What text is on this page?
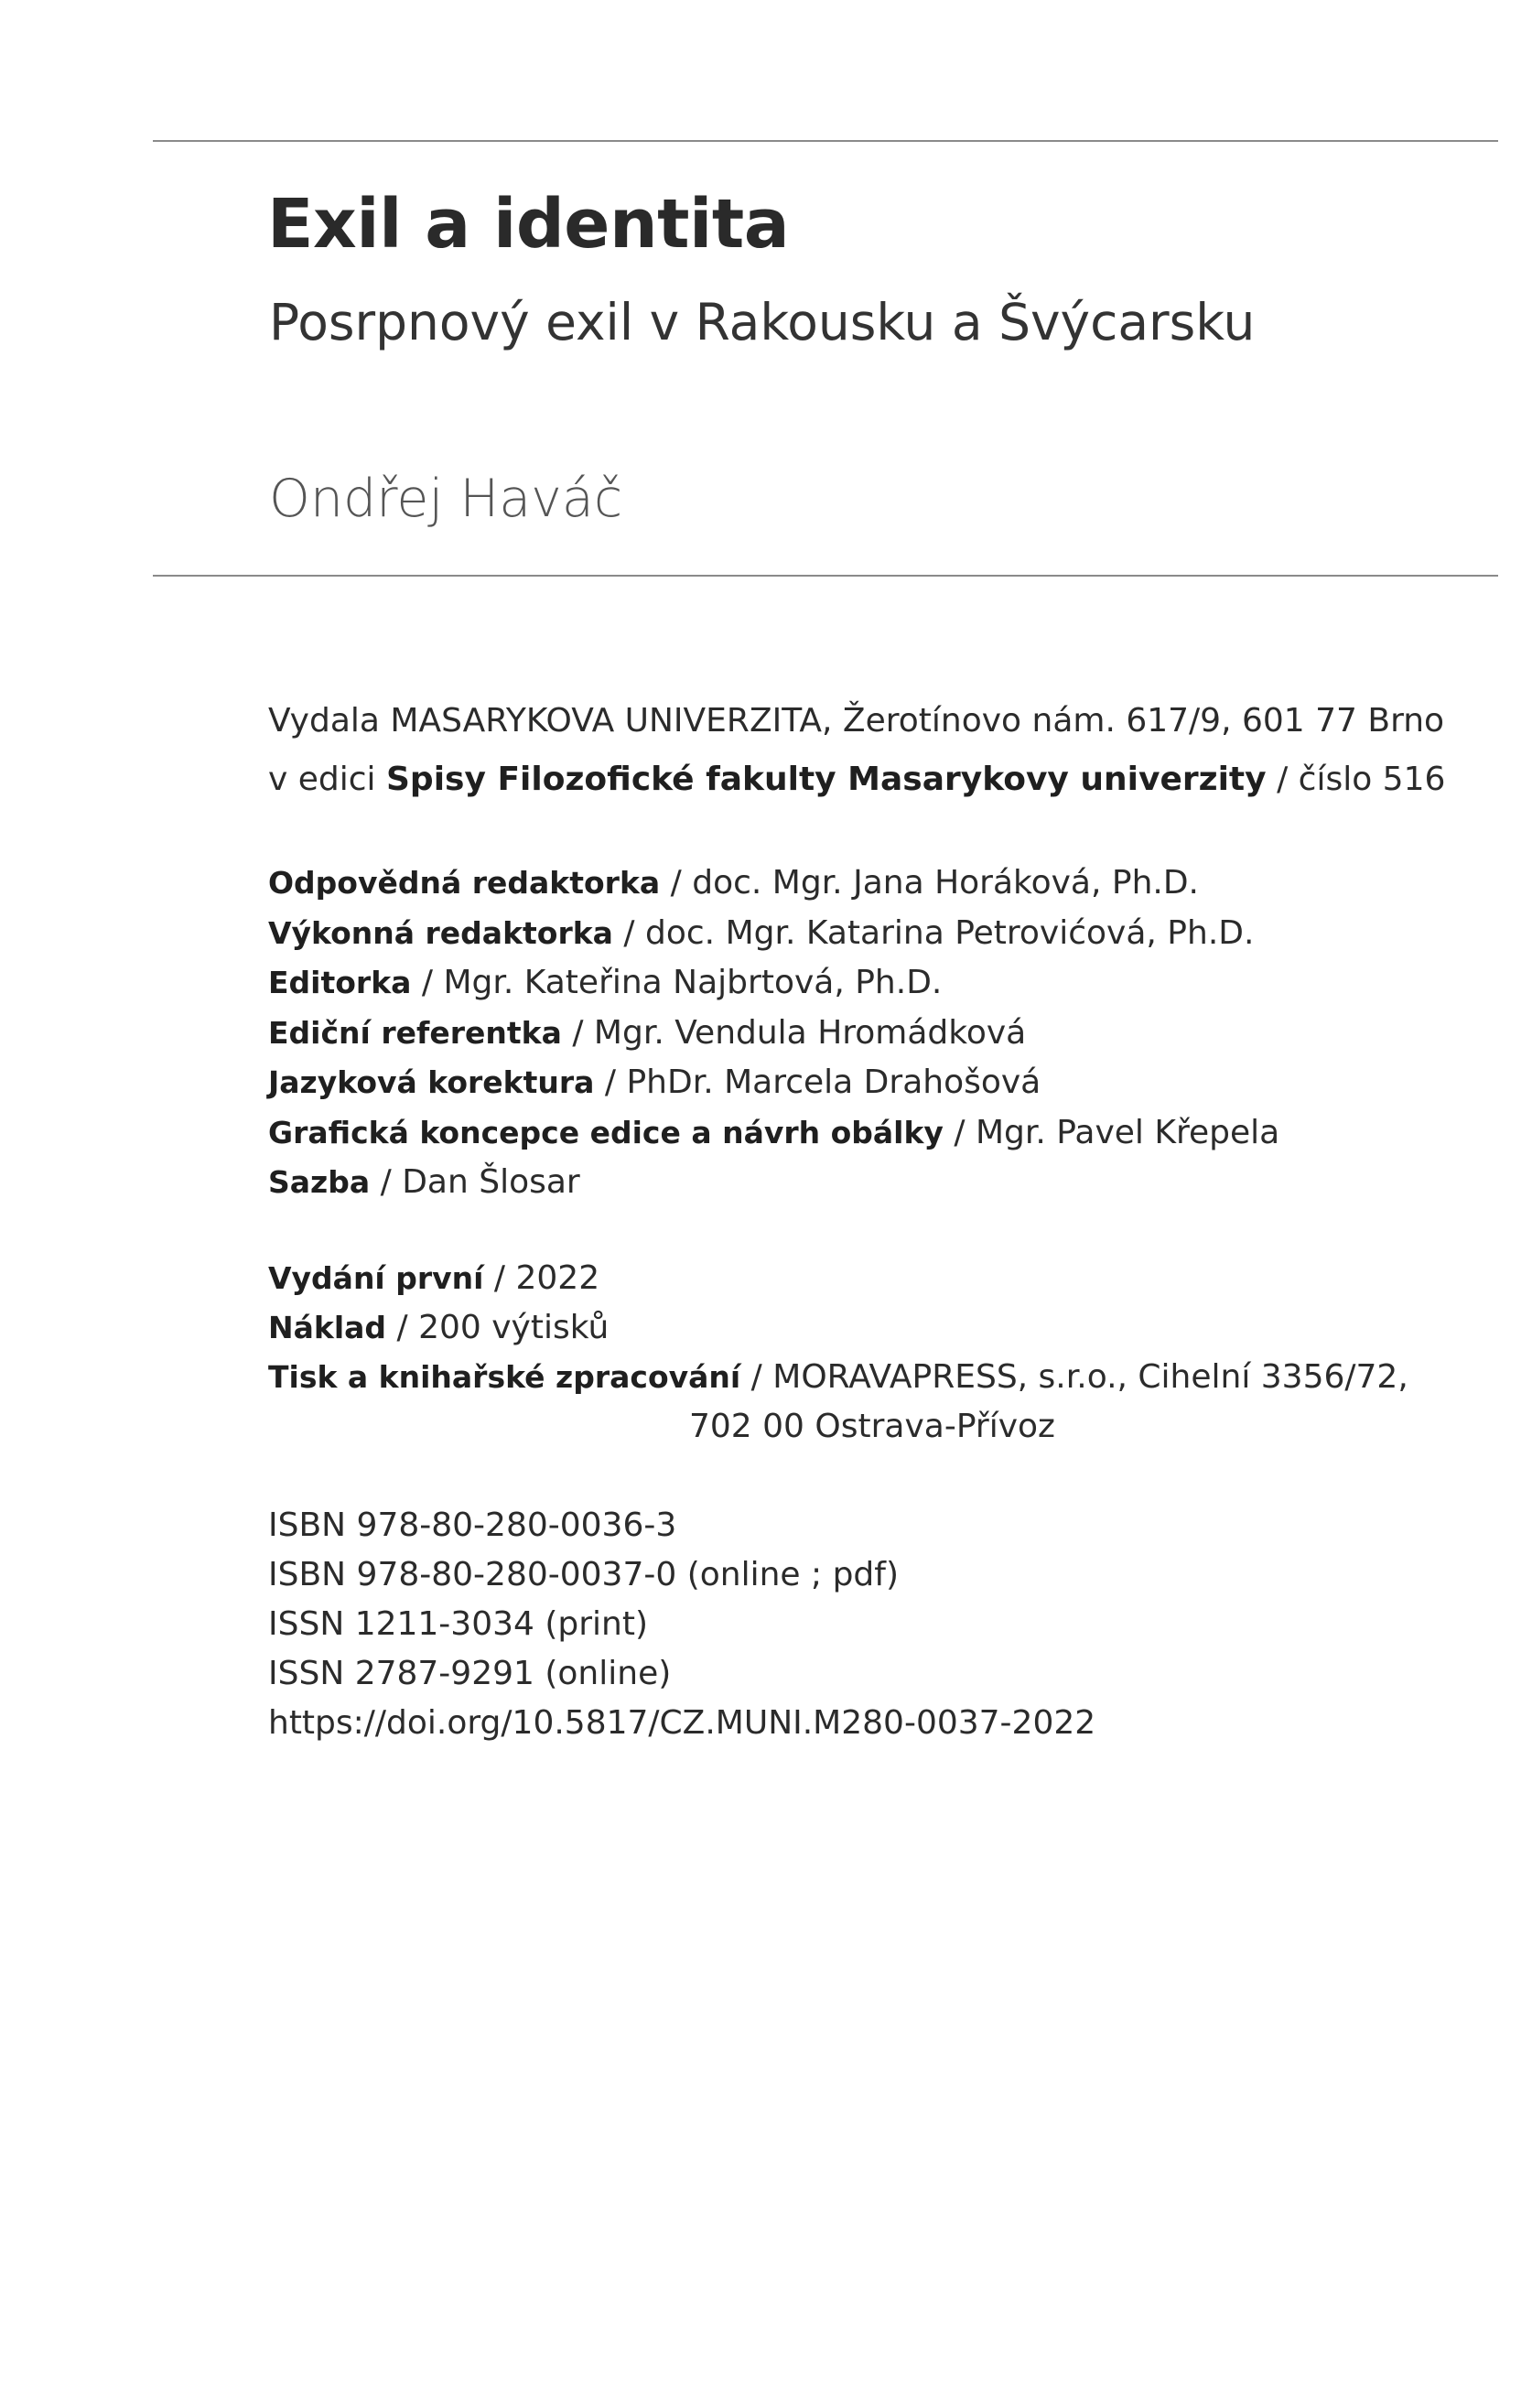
Exil a identita
Posrpnový exil v Rakousku a Švýcarsku
Ondřej Haváč
Vydala MASARYKOVA UNIVERZITA, Žerotínovo nám. 617/9, 601 77 Brno
v edici Spisy Filozofické fakulty Masarykovy univerzity / číslo 516
Odpovědná redaktorka / doc. Mgr. Jana Horáková, Ph.D.
Výkonná redaktorka / doc. Mgr. Katarina Petrovićová, Ph.D.
Editorka / Mgr. Kateřina Najbrtová, Ph.D.
Ediční referentka / Mgr. Vendula Hromádková
Jazyková korektura / PhDr. Marcela Drahošová
Grafická koncepce edice a návrh obálky / Mgr. Pavel Křepela
Sazba / Dan Šlosar
Vydání první / 2022
Náklad / 200 výtisků
Tisk a knihařské zpracování / MORAVAPRESS, s.r.o., Cihelní 3356/72,
702 00 Ostrava-Přívoz
ISBN 978-80-280-0036-3
ISBN 978-80-280-0037-0 (online ; pdf)
ISSN 1211-3034 (print)
ISSN 2787-9291 (online)
https://doi.org/10.5817/CZ.MUNI.M280-0037-2022
